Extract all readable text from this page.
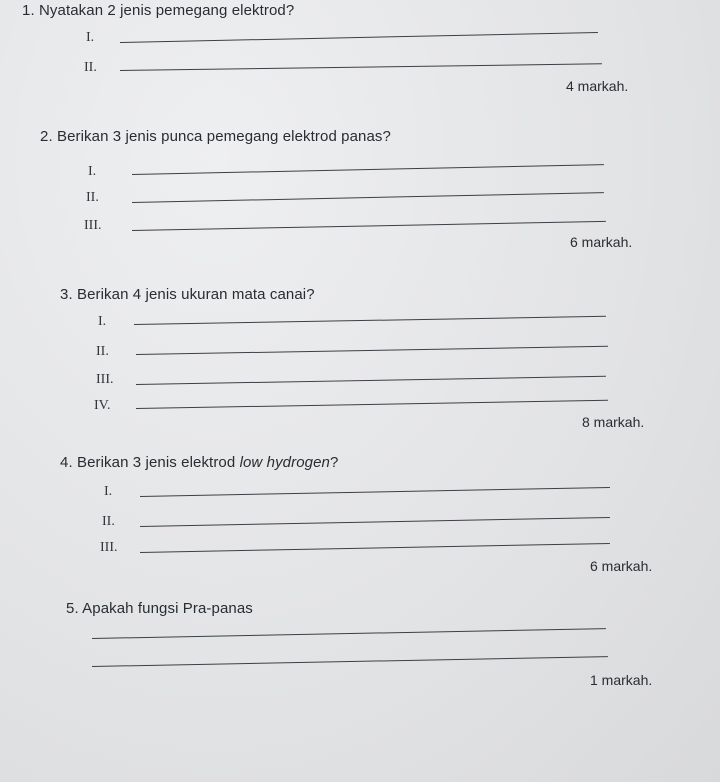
1. Nyatakan 2 jenis pemegang elektrod?
I.
II.
4 markah.
2. Berikan 3 jenis punca pemegang elektrod panas?
I.
II.
III.
6 markah.
3. Berikan 4 jenis ukuran mata canai?
I.
II.
III.
IV.
8 markah.
4. Berikan 3 jenis elektrod low hydrogen?
I.
II.
III.
6 markah.
5. Apakah fungsi Pra-panas
1 markah.
